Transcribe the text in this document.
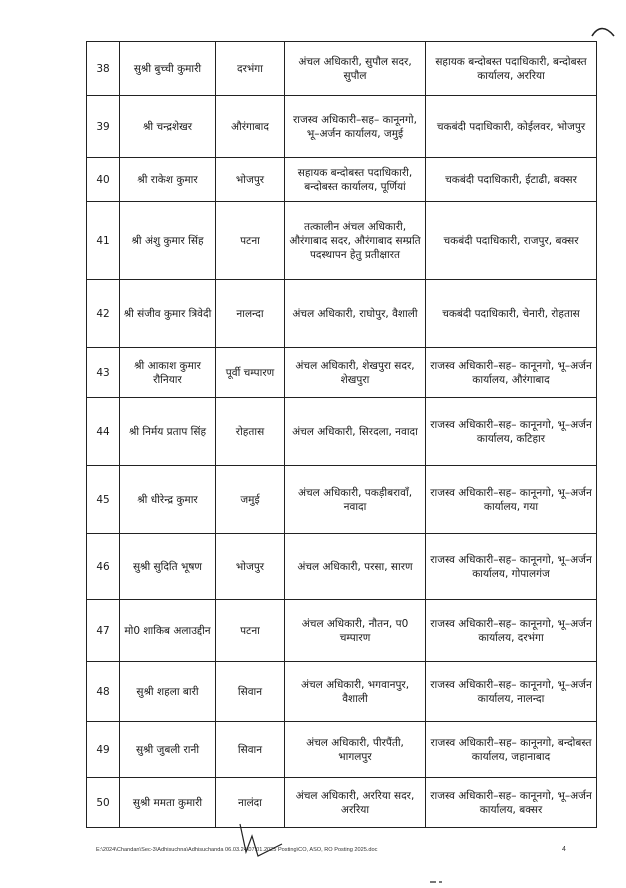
38	सुश्री बुच्ची कुमारी	दरभंगा	अंचल अधिकारी, सुपौल सदर, सुपौल	सहायक बन्दोबस्त पदाधिकारी, बन्दोबस्त कार्यालय, अररिया
39	श्री चन्द्रशेखर	औरंगाबाद	राजस्व अधिकारी–सह– कानूनगो, भू–अर्जन कार्यालय, जमुई	चकबंदी पदाधिकारी, कोईलवर, भोजपुर
40	श्री राकेश कुमार	भोजपुर	सहायक बन्दोबस्त पदाधिकारी, बन्दोबस्त कार्यालय, पूर्णियां	चकबंदी पदाधिकारी, ईटाढी, बक्सर
41	श्री अंशु कुमार सिंह	पटना	तत्कालीन अंचल अधिकारी, औरंगाबाद सदर, औरंगाबाद सम्प्रति पदस्थापन हेतु प्रतीक्षारत	चकबंदी पदाधिकारी, राजपुर, बक्सर
42	श्री संजीव कुमार त्रिवेदी	नालन्दा	अंचल अधिकारी, राघोपुर, वैशाली	चकबंदी पदाधिकारी, चेनारी, रोहतास
43	श्री आकाश कुमार रौनियार	पूर्वी चम्पारण	अंचल अधिकारी, शेखपुरा सदर, शेखपुरा	राजस्व अधिकारी–सह– कानूनगो, भू–अर्जन कार्यालय, औरंगाबाद
44	श्री निर्मय प्रताप सिंह	रोहतास	अंचल अधिकारी, सिरदला, नवादा	राजस्व अधिकारी–सह– कानूनगो, भू–अर्जन कार्यालय, कटिहार
45	श्री धीरेन्द्र कुमार	जमुई	अंचल अधिकारी, पकड़ीबरावाँ, नवादा	राजस्व अधिकारी–सह– कानूनगो, भू–अर्जन कार्यालय, गया
46	सुश्री सुदिति भूषण	भोजपुर	अंचल अधिकारी, परसा, सारण	राजस्व अधिकारी–सह– कानूनगो, भू–अर्जन कार्यालय, गोपालगंज
47	मो0 शाकिब अलाउद्दीन	पटना	अंचल अधिकारी, नौतन, प0 चम्पारण	राजस्व अधिकारी–सह– कानूनगो, भू–अर्जन कार्यालय, दरभंगा
48	सुश्री शहला बारी	सिवान	अंचल अधिकारी, भगवानपुर, वैशाली	राजस्व अधिकारी–सह– कानूनगो, भू–अर्जन कार्यालय, नालन्दा
49	सुश्री जुबली रानी	सिवान	अंचल अधिकारी, पीरपैंती, भागलपुर	राजस्व अधिकारी–सह– कानूनगो, बन्दोबस्त कार्यालय, जहानाबाद
50	सुश्री ममता कुमारी	नालंदा	अंचल अधिकारी, अररिया सदर, अररिया	राजस्व अधिकारी–सह– कानूनगो, भू–अर्जन कार्यालय, बक्सर
E:\2024\Chandan\Sec-3\Adhisuchna\Adhisuchanda 06.03.24\07.01.2025 Posting\CO, ASO, RO Posting 2025.doc	4
